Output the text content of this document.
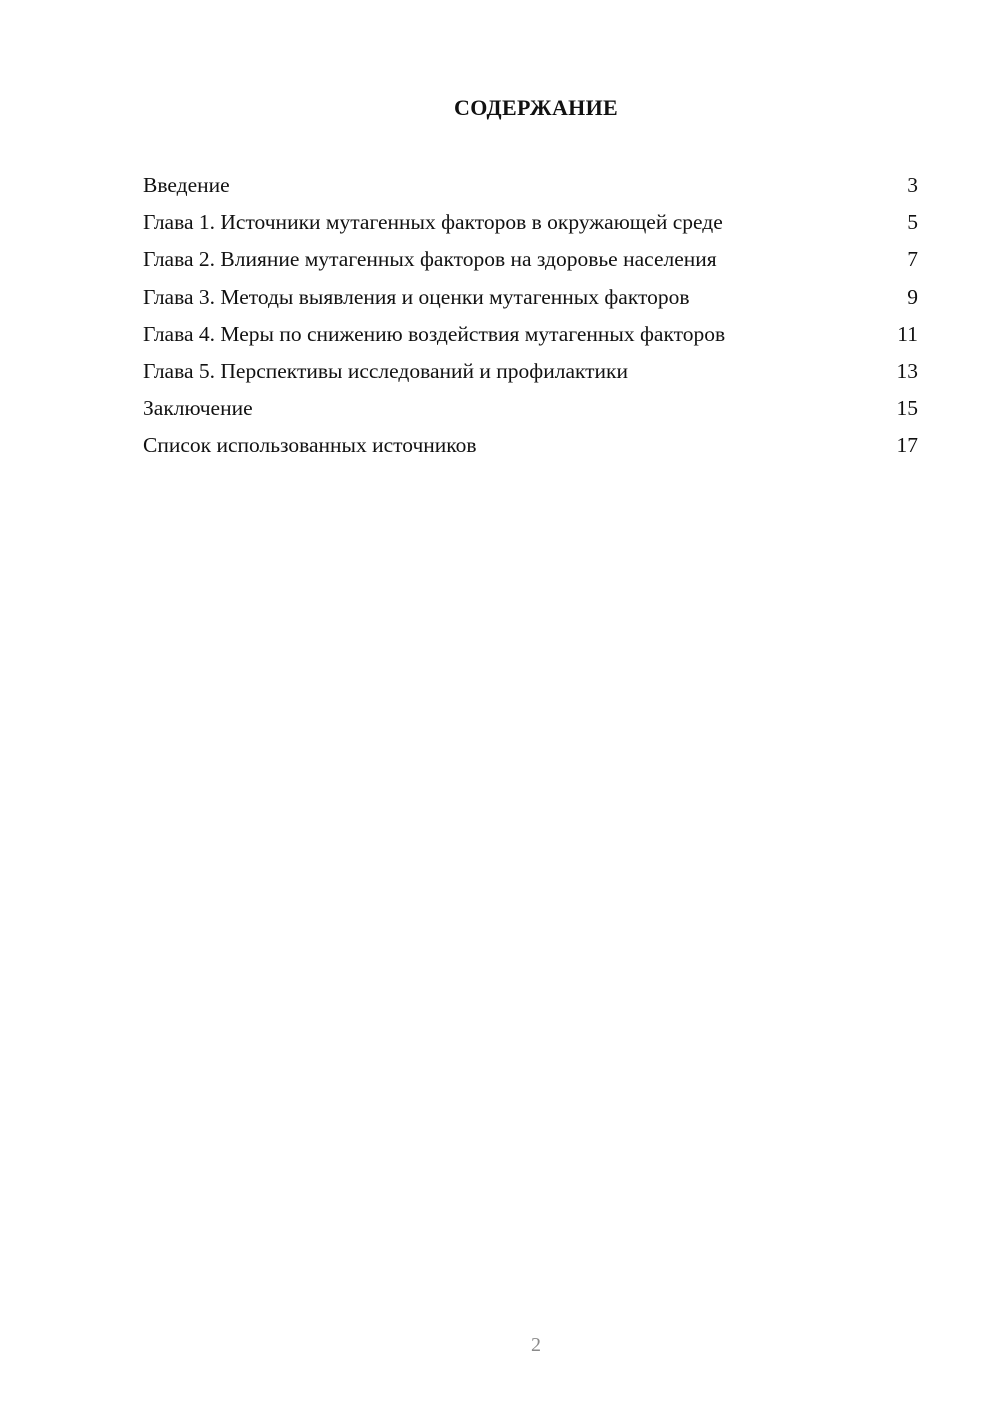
СОДЕРЖАНИЕ
Введение	3
Глава 1. Источники мутагенных факторов в окружающей среде	5
Глава 2. Влияние мутагенных факторов на здоровье населения	7
Глава 3. Методы выявления и оценки мутагенных факторов	9
Глава 4. Меры по снижению воздействия мутагенных факторов	11
Глава 5. Перспективы исследований и профилактики	13
Заключение	15
Список использованных источников	17
2
